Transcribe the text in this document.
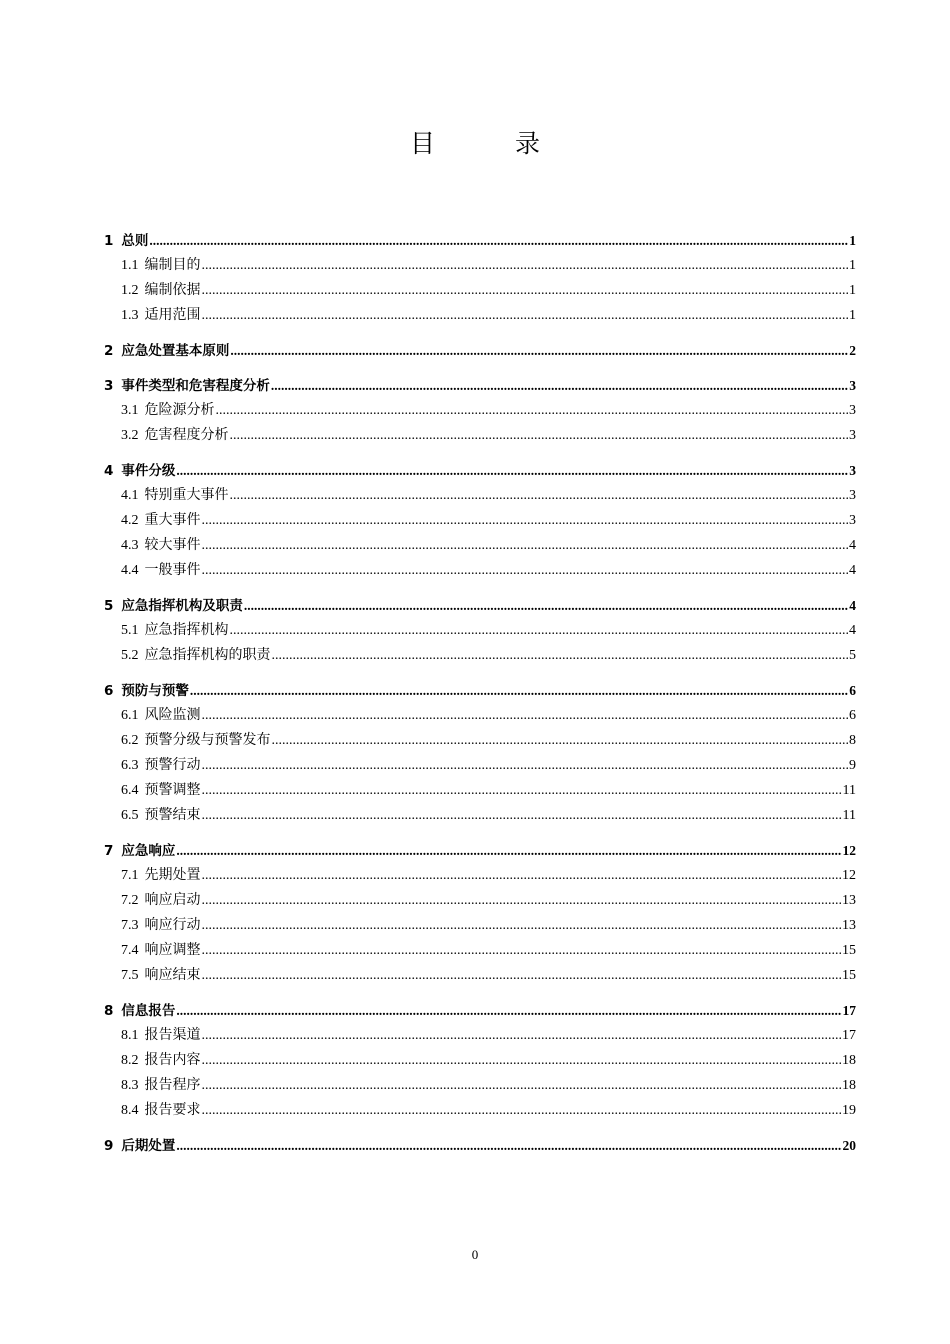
目 录
1 总则 .....	1
1.1 编制目的 .....	1
1.2 编制依据 .....	1
1.3 适用范围 .....	1
2 应急处置基本原则 .....	2
3 事件类型和危害程度分析 .....	3
3.1 危险源分析 .....	3
3.2 危害程度分析 .....	3
4 事件分级 .....	3
4.1 特别重大事件 .....	3
4.2 重大事件 .....	3
4.3 较大事件 .....	4
4.4 一般事件 .....	4
5 应急指挥机构及职责 .....	4
5.1 应急指挥机构 .....	4
5.2 应急指挥机构的职责 .....	5
6 预防与预警 .....	6
6.1 风险监测 .....	6
6.2 预警分级与预警发布 .....	8
6.3 预警行动 .....	9
6.4 预警调整 .....	11
6.5 预警结束 .....	11
7 应急响应 .....	12
7.1 先期处置 .....	12
7.2 响应启动 .....	13
7.3 响应行动 .....	13
7.4 响应调整 .....	15
7.5 响应结束 .....	15
8 信息报告 .....	17
8.1 报告渠道 .....	17
8.2 报告内容 .....	18
8.3 报告程序 .....	18
8.4 报告要求 .....	19
9 后期处置 .....	20
0
